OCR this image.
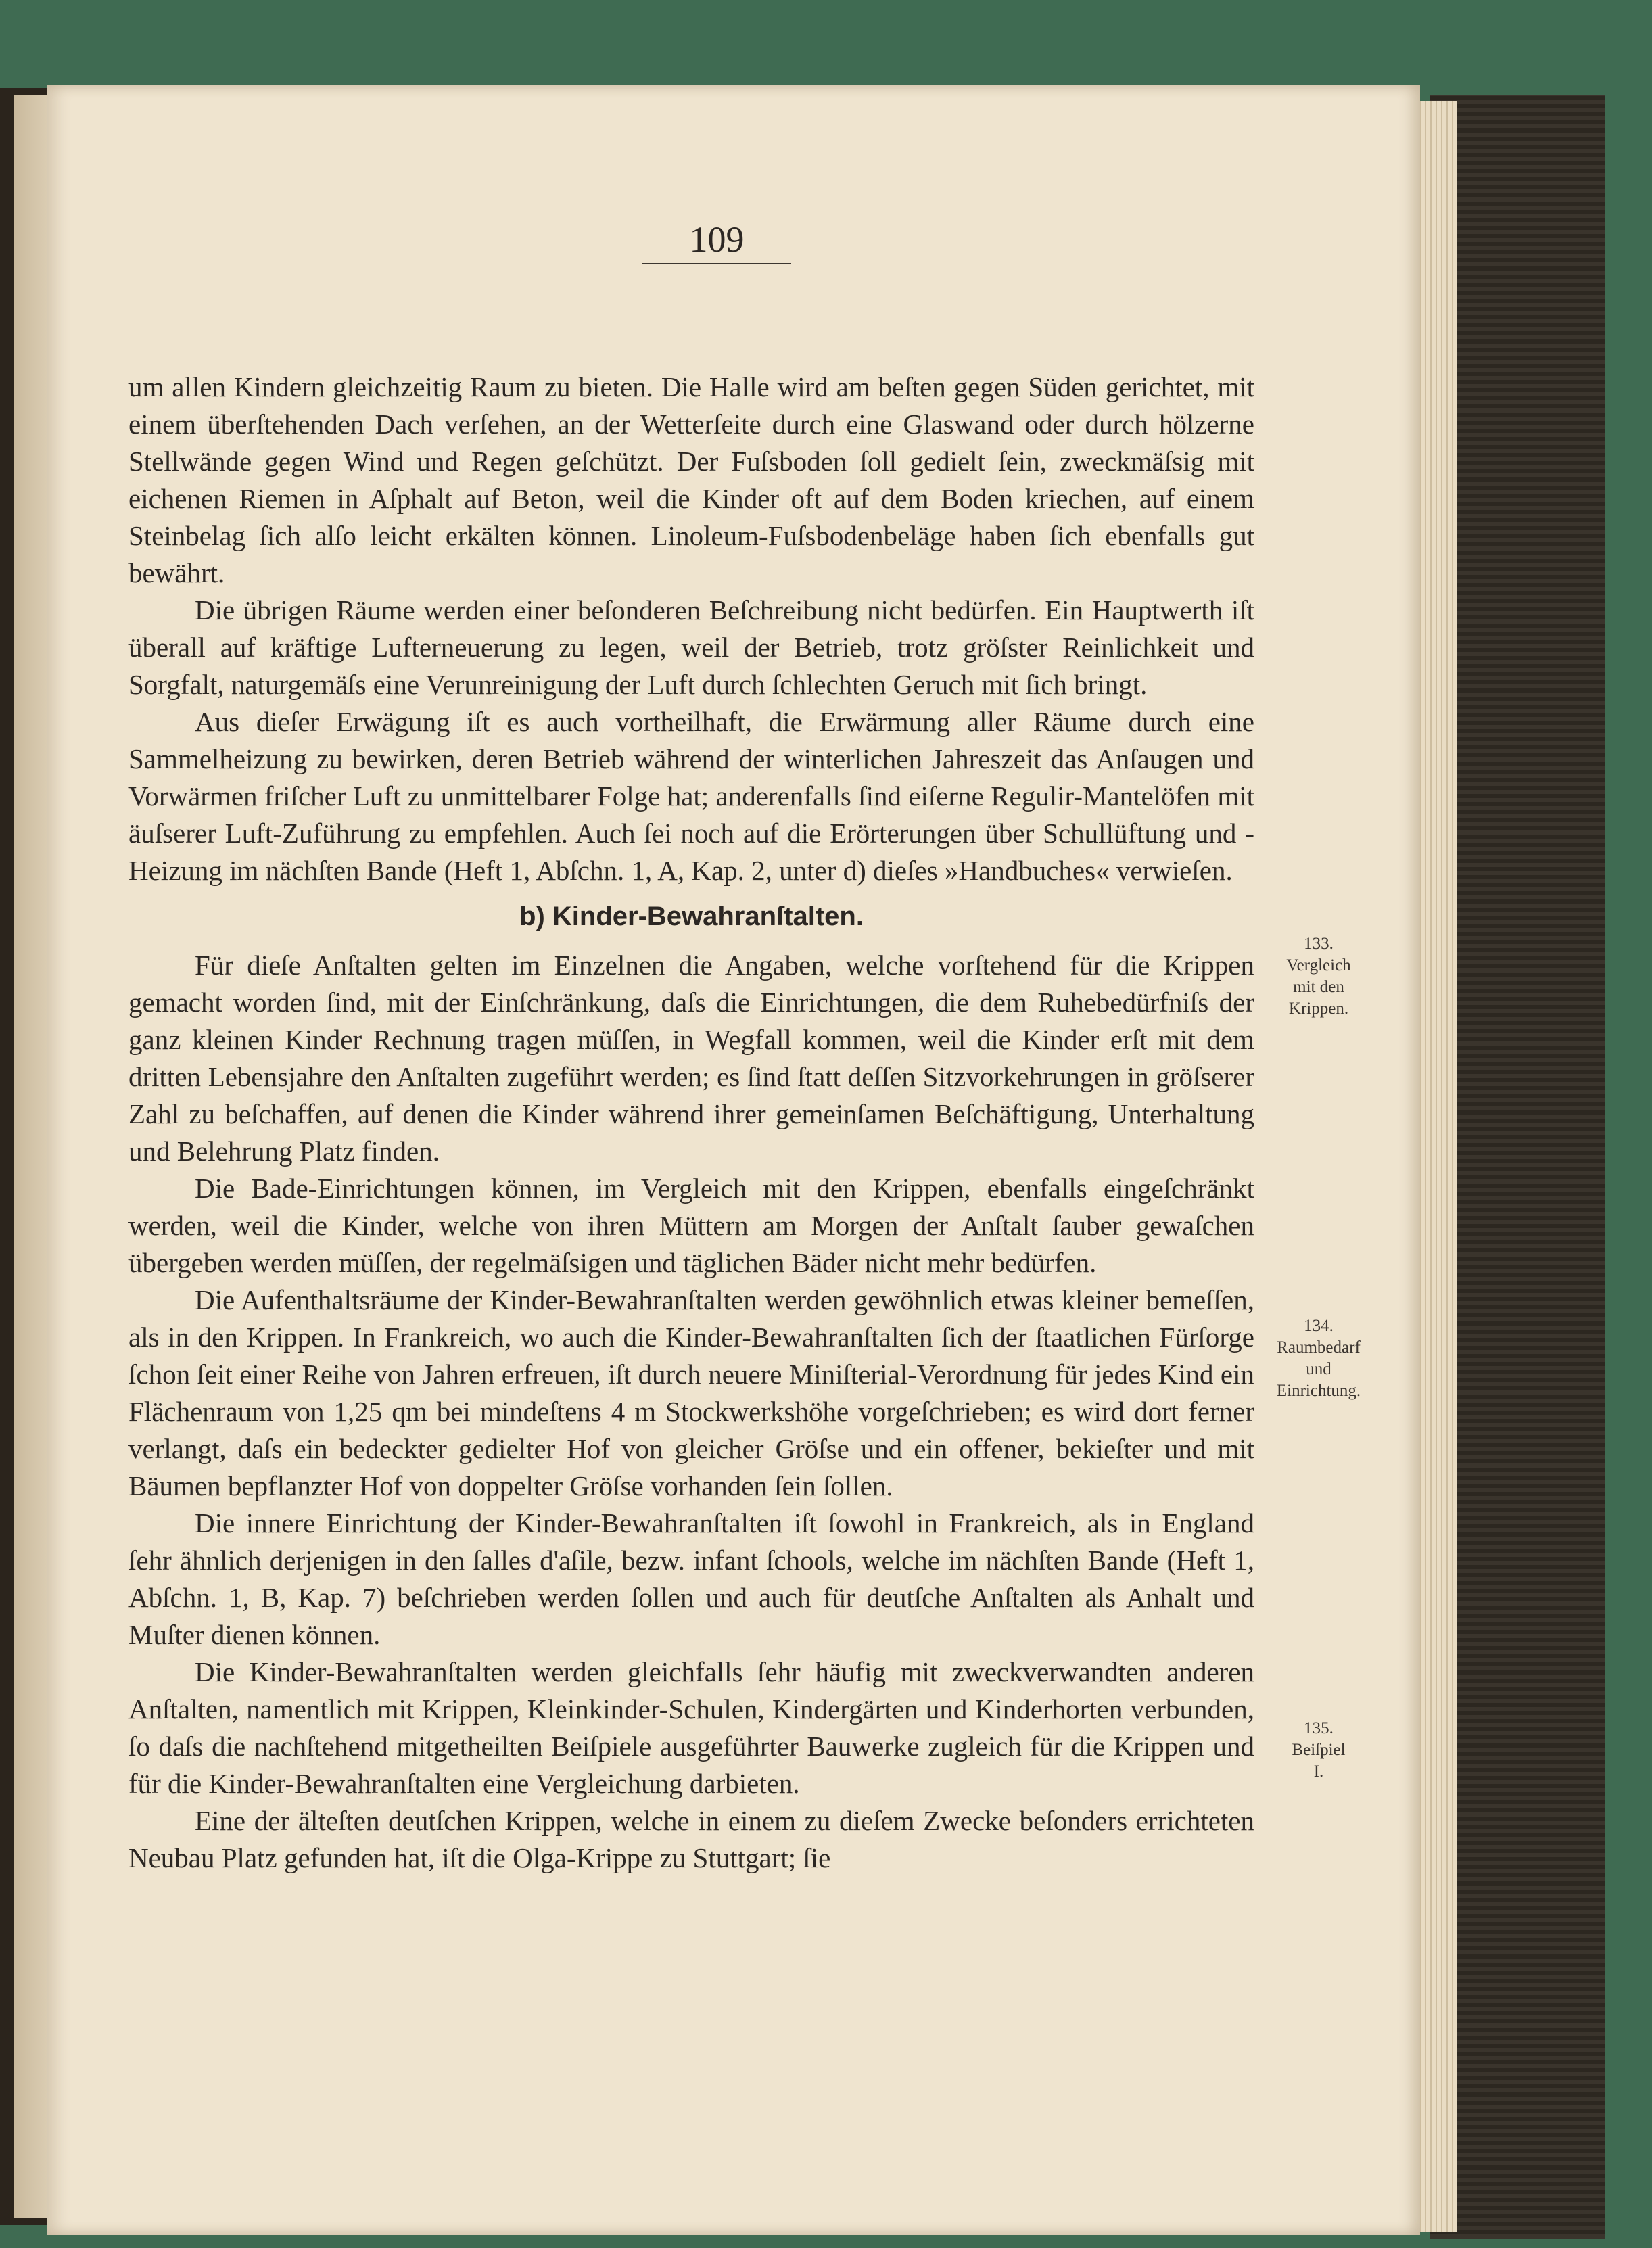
109

um allen Kindern gleichzeitig Raum zu bieten. Die Halle wird am beſten gegen Süden gerichtet, mit einem überſtehenden Dach verſehen, an der Wetterſeite durch eine Glaswand oder durch hölzerne Stellwände gegen Wind und Regen geſchützt. Der Fuſsboden ſoll gedielt ſein, zweckmäſsig mit eichenen Riemen in Aſphalt auf Beton, weil die Kinder oft auf dem Boden kriechen, auf einem Steinbelag ſich alſo leicht erkälten können. Linoleum-Fuſsbodenbeläge haben ſich ebenfalls gut bewährt.

Die übrigen Räume werden einer beſonderen Beſchreibung nicht bedürfen. Ein Hauptwerth iſt überall auf kräftige Lufterneuerung zu legen, weil der Betrieb, trotz gröſster Reinlichkeit und Sorgfalt, naturgemäſs eine Verunreinigung der Luft durch ſchlechten Geruch mit ſich bringt.

Aus dieſer Erwägung iſt es auch vortheilhaft, die Erwärmung aller Räume durch eine Sammelheizung zu bewirken, deren Betrieb während der winterlichen Jahreszeit das Anſaugen und Vorwärmen friſcher Luft zu unmittelbarer Folge hat; anderenfalls ſind eiſerne Regulir-Mantelöfen mit äuſserer Luft-Zuführung zu empfehlen. Auch ſei noch auf die Erörterungen über Schullüftung und -Heizung im nächſten Bande (Heft 1, Abſchn. 1, A, Kap. 2, unter d) dieſes »Handbuches« verwieſen.

b) Kinder-Bewahranſtalten.

Für dieſe Anſtalten gelten im Einzelnen die Angaben, welche vorſtehend für die Krippen gemacht worden ſind, mit der Einſchränkung, daſs die Einrichtungen, die dem Ruhebedürfniſs der ganz kleinen Kinder Rechnung tragen müſſen, in Wegfall kommen, weil die Kinder erſt mit dem dritten Lebensjahre den Anſtalten zugeführt werden; es ſind ſtatt deſſen Sitzvorkehrungen in gröſserer Zahl zu beſchaffen, auf denen die Kinder während ihrer gemeinſamen Beſchäftigung, Unterhaltung und Belehrung Platz finden.

Die Bade-Einrichtungen können, im Vergleich mit den Krippen, ebenfalls eingeſchränkt werden, weil die Kinder, welche von ihren Müttern am Morgen der Anſtalt ſauber gewaſchen übergeben werden müſſen, der regelmäſsigen und täglichen Bäder nicht mehr bedürfen.

Die Aufenthaltsräume der Kinder-Bewahranſtalten werden gewöhnlich etwas kleiner bemeſſen, als in den Krippen. In Frankreich, wo auch die Kinder-Bewahranſtalten ſich der ſtaatlichen Fürſorge ſchon ſeit einer Reihe von Jahren erfreuen, iſt durch neuere Miniſterial-Verordnung für jedes Kind ein Flächenraum von 1,25 qm bei mindeſtens 4 m Stockwerkshöhe vorgeſchrieben; es wird dort ferner verlangt, daſs ein bedeckter gedielter Hof von gleicher Gröſse und ein offener, bekieſter und mit Bäumen bepflanzter Hof von doppelter Gröſse vorhanden ſein ſollen.

Die innere Einrichtung der Kinder-Bewahranſtalten iſt ſowohl in Frankreich, als in England ſehr ähnlich derjenigen in den ſalles d'aſile, bezw. infant ſchools, welche im nächſten Bande (Heft 1, Abſchn. 1, B, Kap. 7) beſchrieben werden ſollen und auch für deutſche Anſtalten als Anhalt und Muſter dienen können.

Die Kinder-Bewahranſtalten werden gleichfalls ſehr häufig mit zweckverwandten anderen Anſtalten, namentlich mit Krippen, Kleinkinder-Schulen, Kindergärten und Kinderhorten verbunden, ſo daſs die nachſtehend mitgetheilten Beiſpiele ausgeführter Bauwerke zugleich für die Krippen und für die Kinder-Bewahranſtalten eine Vergleichung darbieten.

Eine der älteſten deutſchen Krippen, welche in einem zu dieſem Zwecke beſonders errichteten Neubau Platz gefunden hat, iſt die Olga-Krippe zu Stuttgart; ſie

133.
Vergleich
mit den
Krippen.
134.
Raumbedarf
und
Einrichtung.
135.
Beiſpiel
I.
